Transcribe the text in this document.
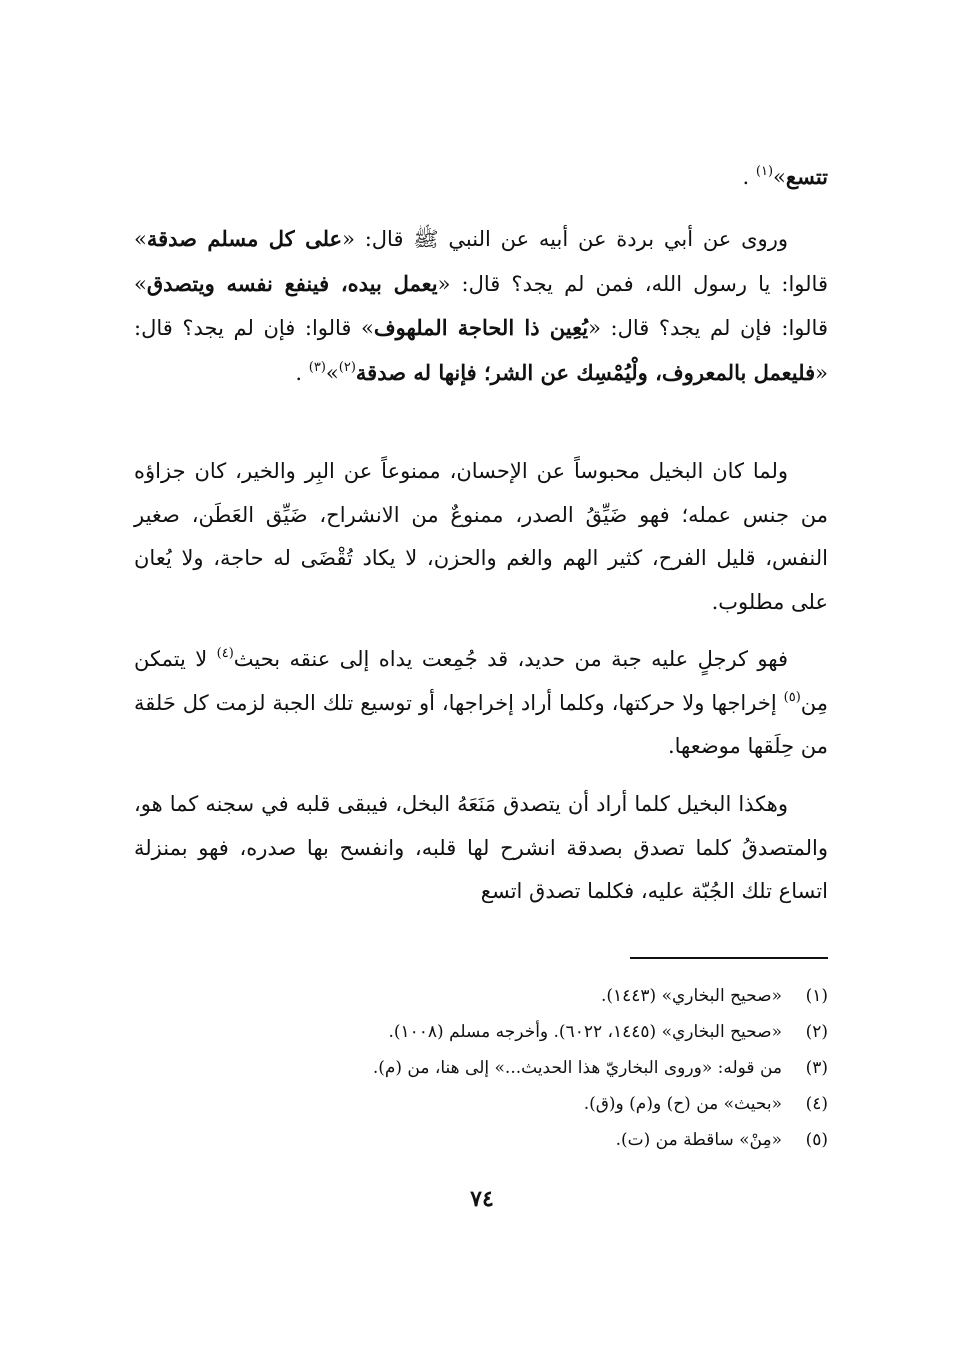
تتسع»$^{(١)}$ .

وروى عن أبي بردة عن أبيه عن النبي ﷺ قال: «على كل مسلم صدقة» قالوا: يا رسول الله، فمن لم يجد؟ قال: «يعمل بيده، فينفع نفسه ويتصدق» قالوا: فإن لم يجد؟ قال: «يُعِين ذا الحاجة الملهوف» قالوا: فإن لم يجد؟ قال: «فليعمل بالمعروف، ولْيُمْسِك عن الشر؛ فإنها له صدقة$^{(٢)}$»$^{(٣)}$ .

ولما كان البخيل محبوساً عن الإحسان، ممنوعاً عن البِر والخير، كان جزاؤه من جنس عمله؛ فهو ضَيِّقُ الصدر، ممنوعٌ من الانشراح، ضَيِّق العَطَن، صغير النفس، قليل الفرح، كثير الهم والغم والحزن، لا يكاد تُقْضَى له حاجة، ولا يُعان على مطلوب.

فهو كرجلٍ عليه جبة من حديد، قد جُمِعت يداه إلى عنقه بحيث$^{(٤)}$ لا يتمكن مِن$^{(٥)}$ إخراجها ولا حركتها، وكلما أراد إخراجها، أو توسيع تلك الجبة لزمت كل حَلقة من حِلَقها موضعها.

وهكذا البخيل كلما أراد أن يتصدق مَنَعَهُ البخل، فيبقى قلبه في سجنه كما هو، والمتصدقُ كلما تصدق بصدقة انشرح لها قلبه، وانفسح بها صدره، فهو بمنزلة اتساع تلك الجُبّة عليه، فكلما تصدق اتسع

(١)
«صحيح البخاري» (١٤٤٣).
(٢)
«صحيح البخاري» (١٤٤٥، ٦٠٢٢). وأخرجه مسلم (١٠٠٨).
(٣)
من قوله: «وروى البخاريّ هذا الحديث...» إلى هنا، من (م).
(٤)
«بحيث» من (ح) و(م) و(ق).
(٥)
«مِنْ» ساقطة من (ت).
٧٤
